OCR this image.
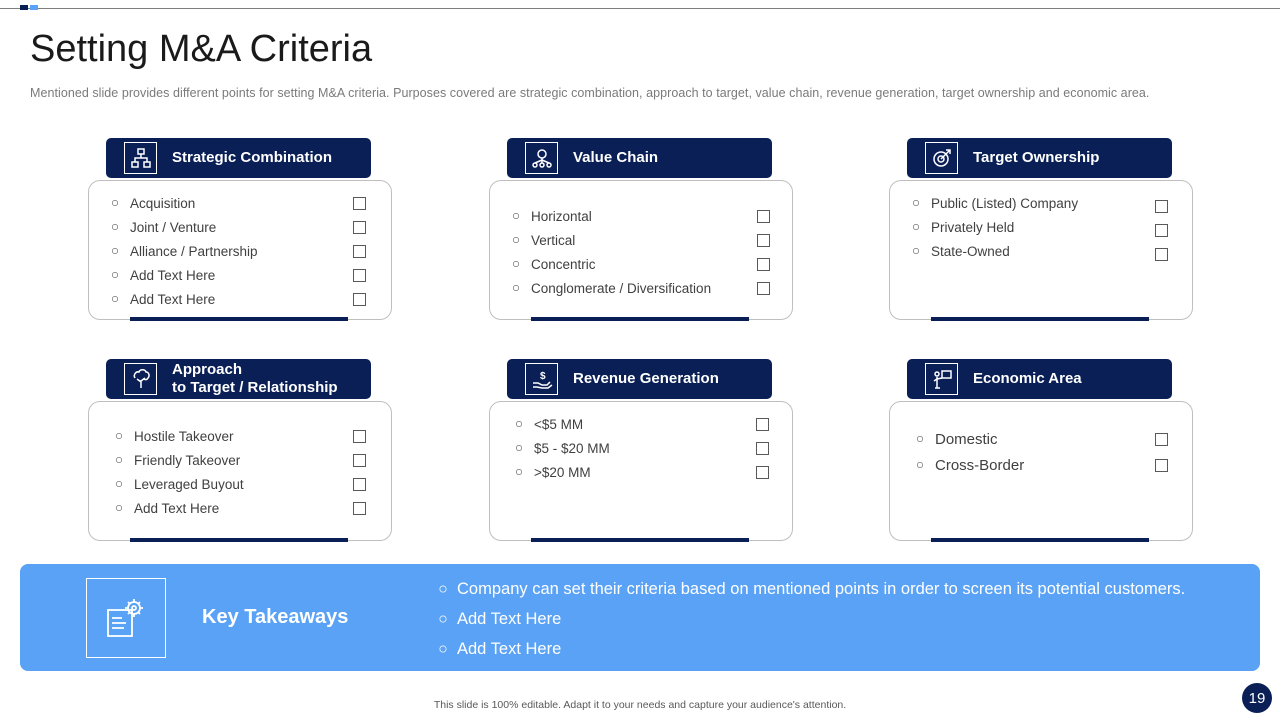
Setting M&A Criteria
Mentioned slide provides different points for setting M&A criteria. Purposes covered are strategic combination, approach to target, value chain, revenue generation, target ownership and economic area.
Strategic Combination
Acquisition
Joint / Venture
Alliance / Partnership
Add Text Here
Add Text Here
Value Chain
Horizontal
Vertical
Concentric
Conglomerate / Diversification
Target Ownership
Public (Listed) Company
Privately Held
State-Owned
Approach
to Target / Relationship
Hostile Takeover
Friendly Takeover
Leveraged Buyout
Add Text Here
$ Revenue Generation
<$5 MM
$5 - $20 MM
>$20 MM
Economic Area
Domestic
Cross-Border
Key Takeaways
Company can set their criteria based on mentioned points in order to screen its potential customers.
Add Text Here
Add Text Here
This slide is 100% editable. Adapt it to your needs and capture your audience's attention.	19
